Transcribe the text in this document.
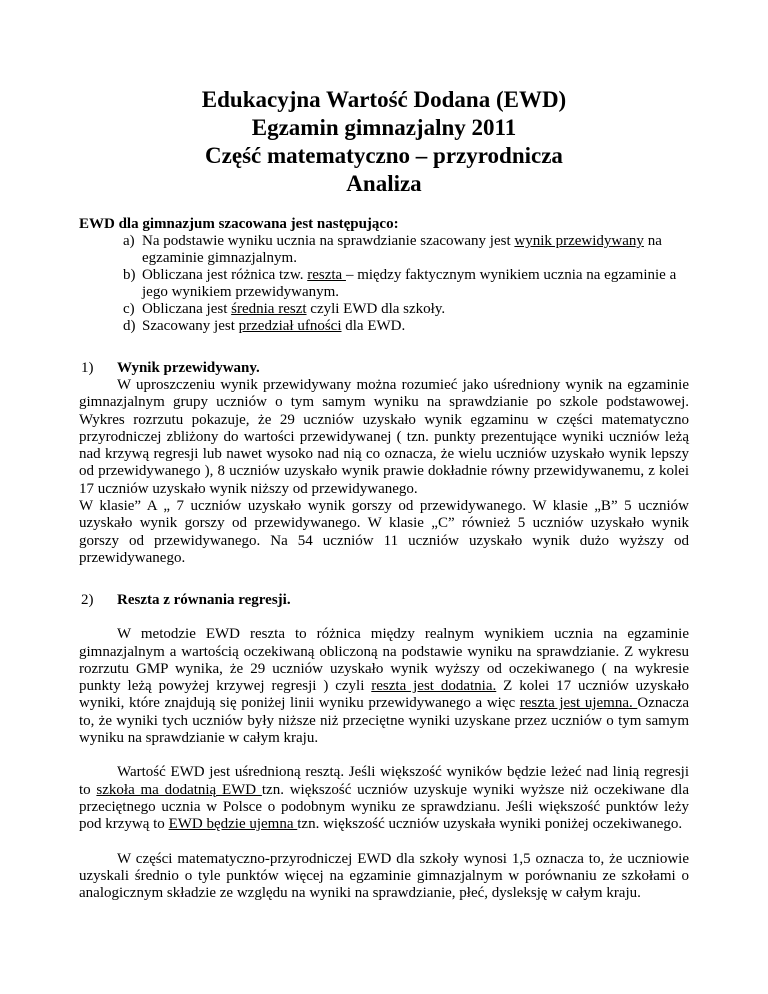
Edukacyjna Wartość Dodana (EWD)
Egzamin gimnazjalny 2011
Część matematyczno – przyrodnicza
Analiza
EWD dla gimnazjum szacowana jest następująco:
a) Na podstawie wyniku ucznia na sprawdzianie szacowany jest wynik przewidywany na egzaminie gimnazjalnym.
b) Obliczana jest różnica tzw. reszta – między faktycznym wynikiem ucznia na egzaminie a jego wynikiem przewidywanym.
c) Obliczana jest średnia reszt czyli EWD dla szkoły.
d) Szacowany jest przedział ufności dla EWD.
1) Wynik przewidywany.

W uproszczeniu wynik przewidywany można rozumieć jako uśredniony wynik na egzaminie gimnazjalnym grupy uczniów o tym samym wyniku na sprawdzianie po szkole podstawowej. Wykres rozrzutu pokazuje, że 29 uczniów uzyskało wynik egzaminu w części matematyczno przyrodniczej zbliżony do wartości przewidywanej ( tzn. punkty prezentujące wyniki uczniów leżą nad krzywą regresji lub nawet wysoko nad nią co oznacza, że wielu uczniów uzyskało wynik lepszy od przewidywanego ), 8 uczniów uzyskało wynik prawie dokładnie równy przewidywanemu, z kolei 17 uczniów uzyskało wynik niższy od przewidywanego.

W klasie” A „ 7 uczniów uzyskało wynik gorszy od przewidywanego. W klasie „B” 5 uczniów uzyskało wynik gorszy od przewidywanego. W klasie „C” również 5 uczniów uzyskało wynik gorszy od przewidywanego. Na 54 uczniów 11 uczniów uzyskało wynik dużo wyższy od przewidywanego.

2) Reszta z równania regresji.

W metodzie EWD reszta to różnica między realnym wynikiem ucznia na egzaminie gimnazjalnym a wartością oczekiwaną obliczoną na podstawie wyniku na sprawdzianie. Z wykresu rozrzutu GMP wynika, że 29 uczniów uzyskało wynik wyższy od oczekiwanego ( na wykresie punkty leżą powyżej krzywej regresji ) czyli reszta jest dodatnia. Z kolei 17 uczniów uzyskało wyniki, które znajdują się poniżej linii wyniku przewidywanego a więc reszta jest ujemna. Oznacza to, że wyniki tych uczniów były niższe niż przeciętne wyniki uzyskane przez uczniów o tym samym wyniku na sprawdzianie w całym kraju.

Wartość EWD jest uśrednioną resztą. Jeśli większość wyników będzie leżeć nad linią regresji to szkoła ma dodatnią EWD tzn. większość uczniów uzyskuje wyniki wyższe niż oczekiwane dla przeciętnego ucznia w Polsce o podobnym wyniku ze sprawdzianu. Jeśli większość punktów leży pod krzywą to EWD będzie ujemna tzn. większość uczniów uzyskała wyniki poniżej oczekiwanego.

W części matematyczno-przyrodniczej EWD dla szkoły wynosi 1,5 oznacza to, że uczniowie uzyskali średnio o tyle punktów więcej na egzaminie gimnazjalnym w porównaniu ze szkołami o analogicznym składzie ze względu na wyniki na sprawdzianie, płeć, dysleksję w całym kraju.
